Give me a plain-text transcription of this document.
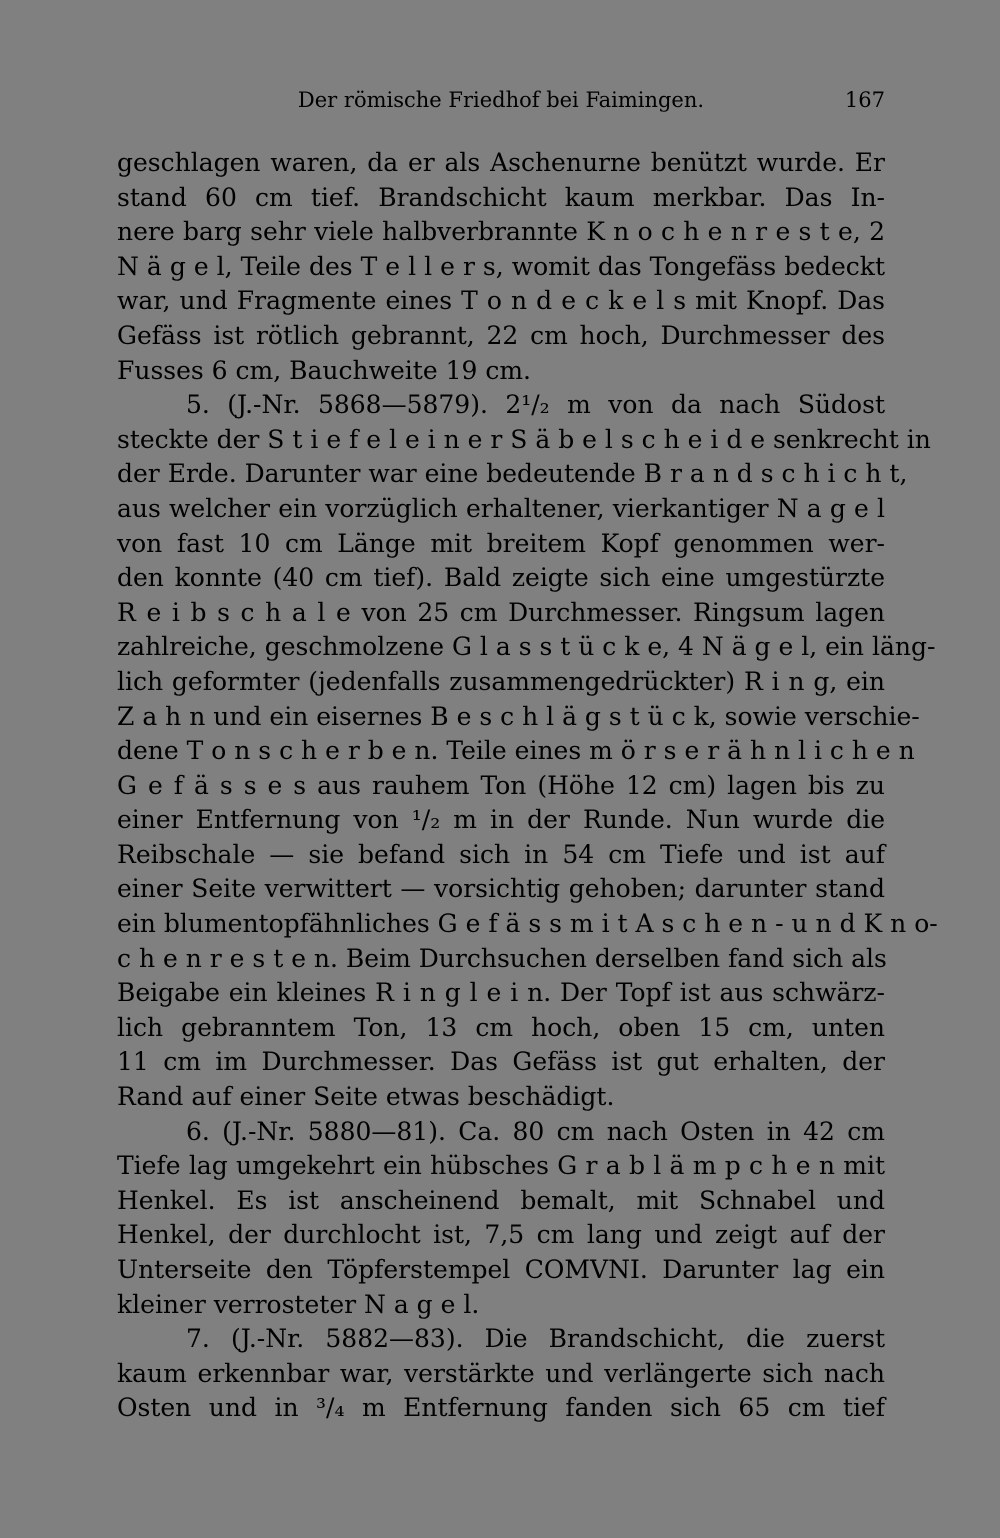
Der römische Friedhof bei Faimingen.	167
geschlagen waren, da er als Aschenurne benützt wurde. Er
stand 60 cm tief. Brandschicht kaum merkbar. Das In-
nere barg sehr viele halbverbrannte K n o c h e n r e s t e, 2
N ä g e l, Teile des T e l l e r s, womit das Tongefäss bedeckt
war, und Fragmente eines T o n d e c k e l s mit Knopf. Das
Gefäss ist rötlich gebrannt, 22 cm hoch, Durchmesser des
Fusses 6 cm, Bauchweite 19 cm.
5. (J.-Nr. 5868—5879). 2¹/₂ m von da nach Südost
steckte der S t i e f e l e i n e r S ä b e l s c h e i d e senkrecht in
der Erde. Darunter war eine bedeutende B r a n d s c h i c h t,
aus welcher ein vorzüglich erhaltener, vierkantiger N a g e l
von fast 10 cm Länge mit breitem Kopf genommen wer-
den konnte (40 cm tief). Bald zeigte sich eine umgestürzte
R e i b s c h a l e von 25 cm Durchmesser. Ringsum lagen
zahlreiche, geschmolzene G l a s s t ü c k e, 4 N ä g e l, ein läng-
lich geformter (jedenfalls zusammengedrückter) R i n g, ein
Z a h n und ein eisernes B e s c h l ä g s t ü c k, sowie verschie-
dene T o n s c h e r b e n. Teile eines m ö r s e r ä h n l i c h e n
G e f ä s s e s aus rauhem Ton (Höhe 12 cm) lagen bis zu
einer Entfernung von ¹/₂ m in der Runde. Nun wurde die
Reibschale — sie befand sich in 54 cm Tiefe und ist auf
einer Seite verwittert — vorsichtig gehoben; darunter stand
ein blumentopfähnliches G e f ä s s m i t A s c h e n - u n d K n o-
c h e n r e s t e n. Beim Durchsuchen derselben fand sich als
Beigabe ein kleines R i n g l e i n. Der Topf ist aus schwärz-
lich gebranntem Ton, 13 cm hoch, oben 15 cm, unten
11 cm im Durchmesser. Das Gefäss ist gut erhalten, der
Rand auf einer Seite etwas beschädigt.
6. (J.-Nr. 5880—81). Ca. 80 cm nach Osten in 42 cm
Tiefe lag umgekehrt ein hübsches G r a b l ä m p c h e n mit
Henkel. Es ist anscheinend bemalt, mit Schnabel und
Henkel, der durchlocht ist, 7,5 cm lang und zeigt auf der
Unterseite den Töpferstempel COMVNI. Darunter lag ein
kleiner verrosteter N a g e l.
7. (J.-Nr. 5882—83). Die Brandschicht, die zuerst
kaum erkennbar war, verstärkte und verlängerte sich nach
Osten und in ³/₄ m Entfernung fanden sich 65 cm tief
